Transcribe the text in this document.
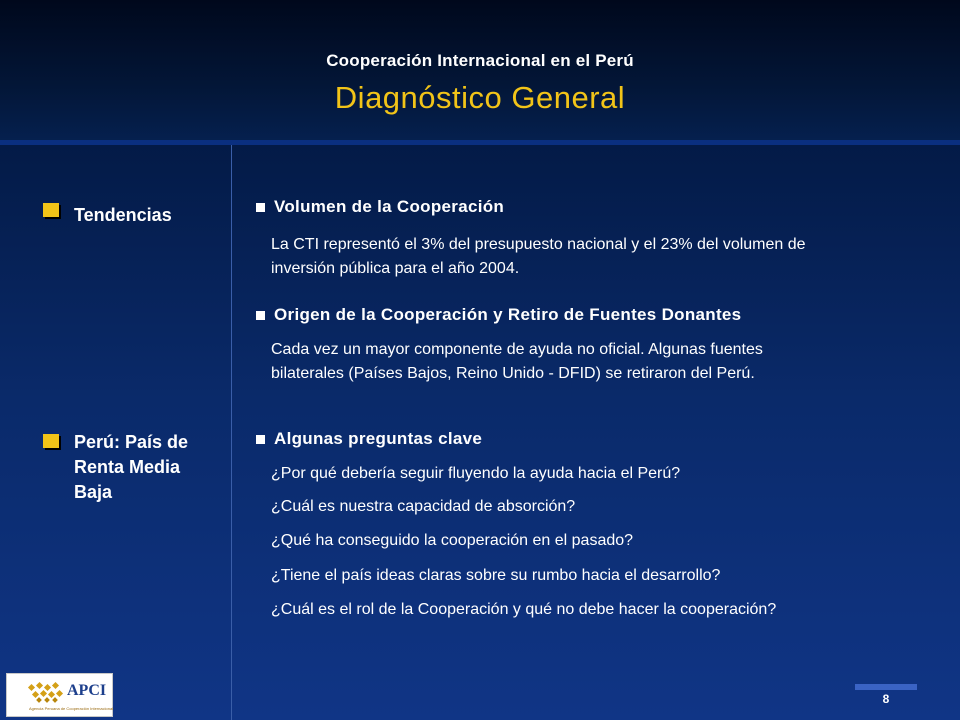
Cooperación Internacional en el Perú
Diagnóstico General
Tendencias
Perú: País de
Renta Media
Baja
Volumen de la Cooperación
La CTI representó el 3% del presupuesto nacional y el 23% del volumen de
inversión pública para el año 2004.
Origen de la Cooperación y Retiro de Fuentes Donantes
Cada vez un mayor componente de ayuda no oficial. Algunas fuentes
bilaterales (Países Bajos, Reino Unido - DFID) se retiraron del Perú.
Algunas preguntas clave
¿Por qué debería seguir fluyendo la ayuda hacia el Perú?
¿Cuál es nuestra capacidad de absorción?
¿Qué ha conseguido la cooperación en el pasado?
¿Tiene el país ideas claras sobre su rumbo hacia el desarrollo?
¿Cuál es el rol de la Cooperación y qué no debe hacer la cooperación?
APCI
Agencia Peruana de Cooperación Internacional
8
